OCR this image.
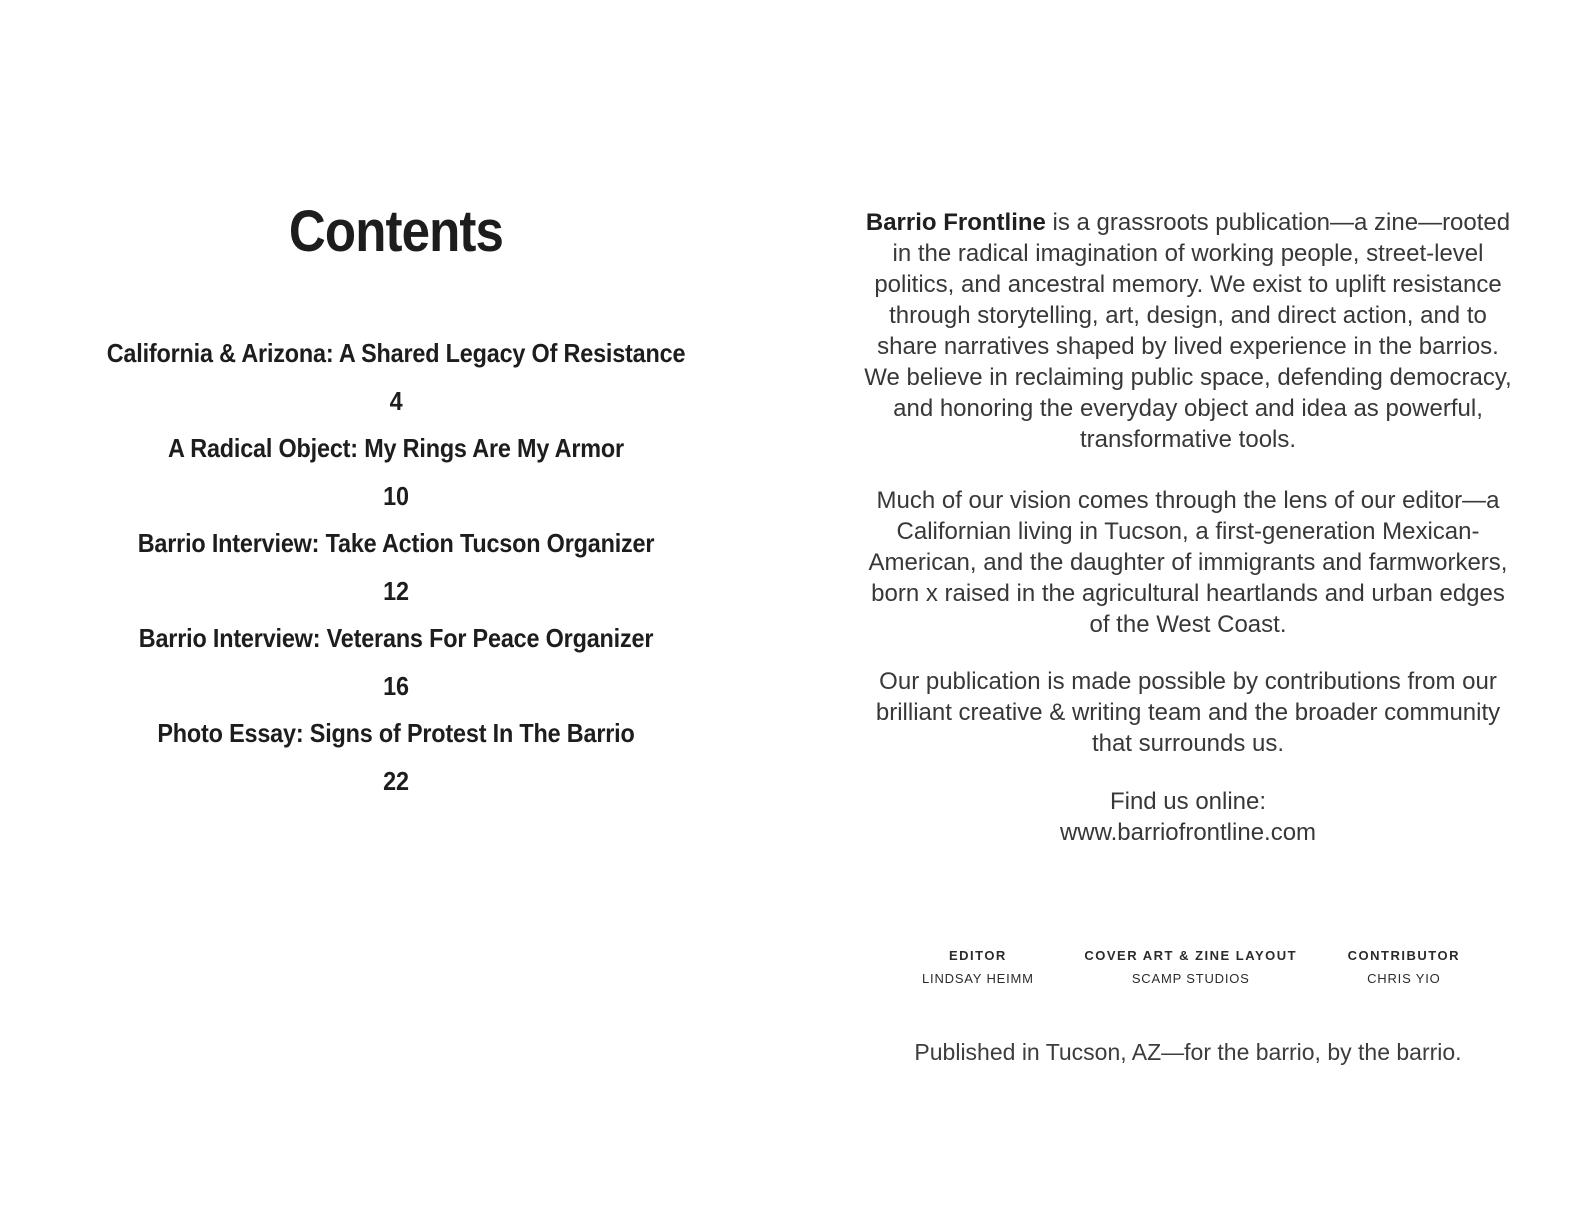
Contents
California & Arizona: A Shared Legacy Of Resistance
4
A Radical Object: My Rings Are My Armor
10
Barrio Interview: Take Action Tucson Organizer
12
Barrio Interview: Veterans For Peace Organizer
16
Photo Essay: Signs of Protest In The Barrio
22

Barrio Frontline is a grassroots publication—a zine—rooted in the radical imagination of working people, street-level politics, and ancestral memory. We exist to uplift resistance through storytelling, art, design, and direct action, and to share narratives shaped by lived experience in the barrios. We believe in reclaiming public space, defending democracy, and honoring the everyday object and idea as powerful, transformative tools.

Much of our vision comes through the lens of our editor—a Californian living in Tucson, a first-generation Mexican-American, and the daughter of immigrants and farmworkers, born x raised in the agricultural heartlands and urban edges of the West Coast.

Our publication is made possible by contributions from our brilliant creative & writing team and the broader community that surrounds us.

Find us online:
www.barriofrontline.com

EDITOR
LINDSAY HEIMM
COVER ART & ZINE LAYOUT
SCAMP STUDIOS
CONTRIBUTOR
CHRIS YIO
Published in Tucson, AZ—for the barrio, by the barrio.
